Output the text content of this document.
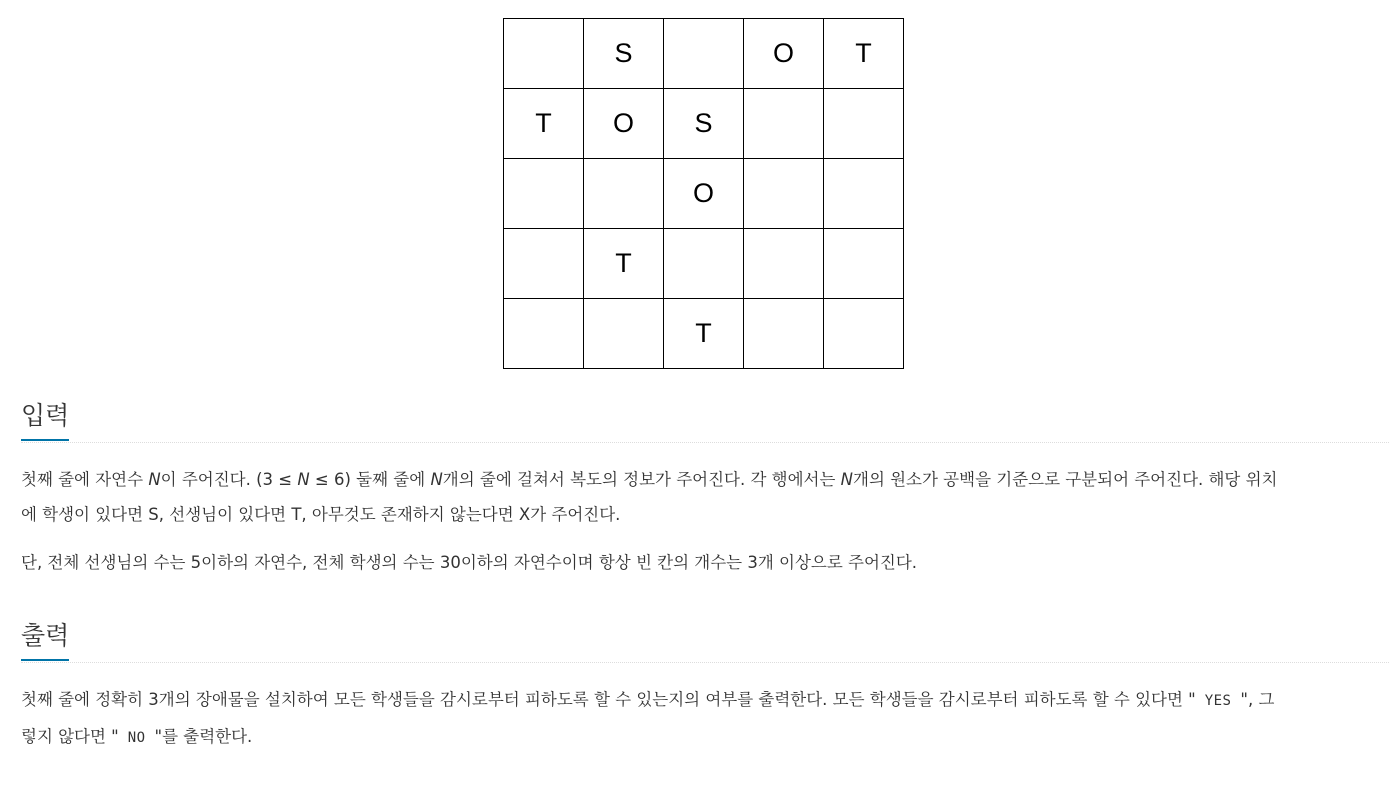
	S		O	T
T	O	S		
		O		
	T			
		T		
입력

첫째 줄에 자연수 N이 주어진다. (3 ≤ N ≤ 6) 둘째 줄에 N개의 줄에 걸쳐서 복도의 정보가 주어진다. 각 행에서는 N개의 원소가 공백을 기준으로 구분되어 주어진다. 해당 위치

에 학생이 있다면 S, 선생님이 있다면 T, 아무것도 존재하지 않는다면 X가 주어진다.

단, 전체 선생님의 수는 5이하의 자연수, 전체 학생의 수는 30이하의 자연수이며 항상 빈 칸의 개수는 3개 이상으로 주어진다.

출력

첫째 줄에 정확히 3개의 장애물을 설치하여 모든 학생들을 감시로부터 피하도록 할 수 있는지의 여부를 출력한다. 모든 학생들을 감시로부터 피하도록 할 수 있다면 " YES ", 그

렇지 않다면 " NO "를 출력한다.
